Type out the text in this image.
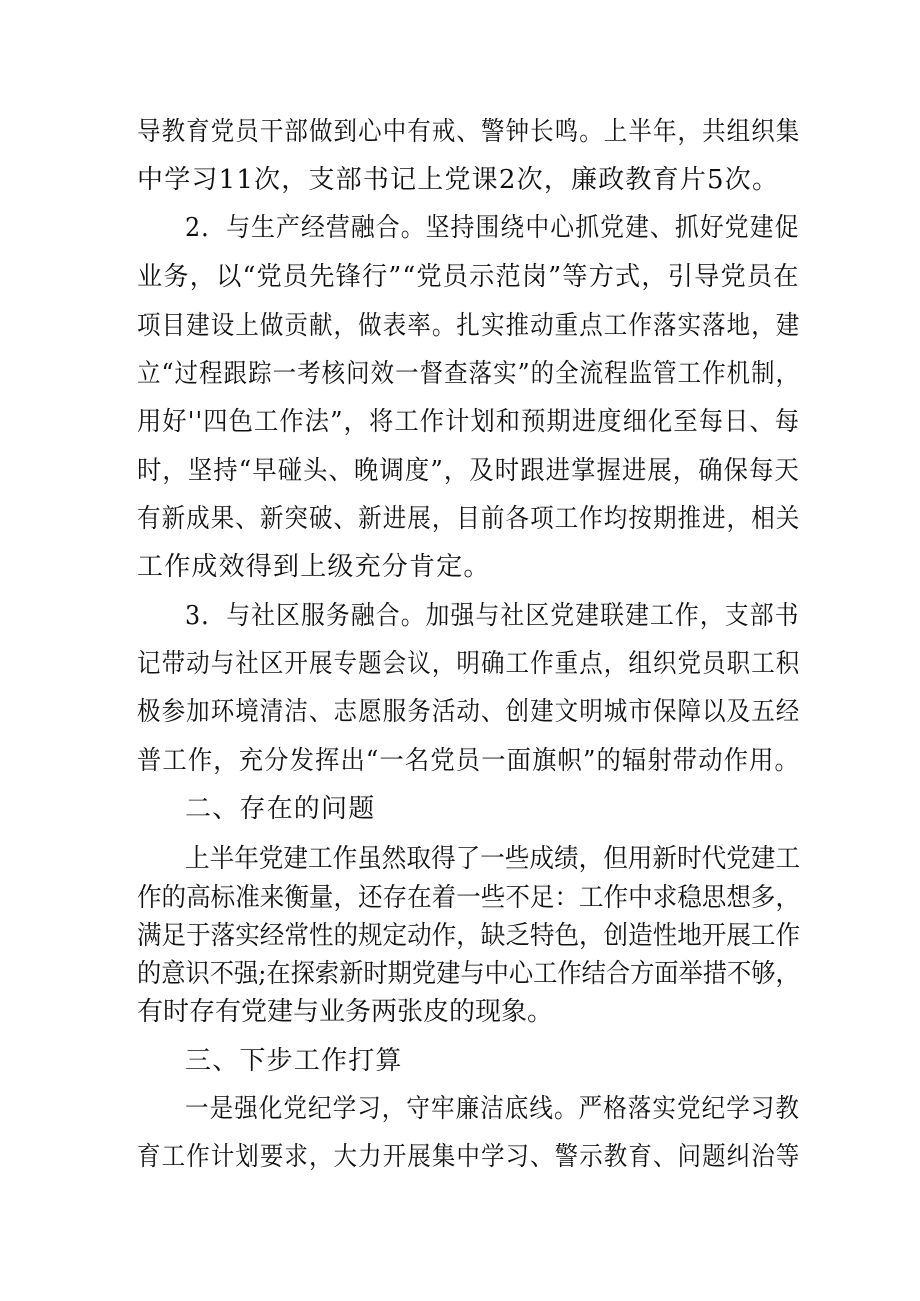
导教育党员干部做到心中有戒、警钟长鸣。上半年，共组织集
中学习11次，支部书记上党课2次，廉政教育片5次。
2．与生产经营融合。坚持围绕中心抓党建、抓好党建促
业务，以“党员先锋行”“党员示范岗”等方式，引导党员在
项目建设上做贡献，做表率。扎实推动重点工作落实落地，建
立“过程跟踪一考核问效一督查落实”的全流程监管工作机制，
用好''四色工作法”，将工作计划和预期进度细化至每日、每
时，坚持“早碰头、晚调度”，及时跟进掌握进展，确保每天
有新成果、新突破、新进展，目前各项工作均按期推进，相关
工作成效得到上级充分肯定。
3．与社区服务融合。加强与社区党建联建工作，支部书
记带动与社区开展专题会议，明确工作重点，组织党员职工积
极参加环境清洁、志愿服务活动、创建文明城市保障以及五经
普工作，充分发挥出“一名党员一面旗帜”的辐射带动作用。
二、存在的问题
上半年党建工作虽然取得了一些成绩，但用新时代党建工
作的高标准来衡量，还存在着一些不足：工作中求稳思想多，
满足于落实经常性的规定动作，缺乏特色，创造性地开展工作
的意识不强;在探索新时期党建与中心工作结合方面举措不够，
有时存有党建与业务两张皮的现象。
三、下步工作打算
一是强化党纪学习，守牢廉洁底线。严格落实党纪学习教
育工作计划要求，大力开展集中学习、警示教育、问题纠治等
